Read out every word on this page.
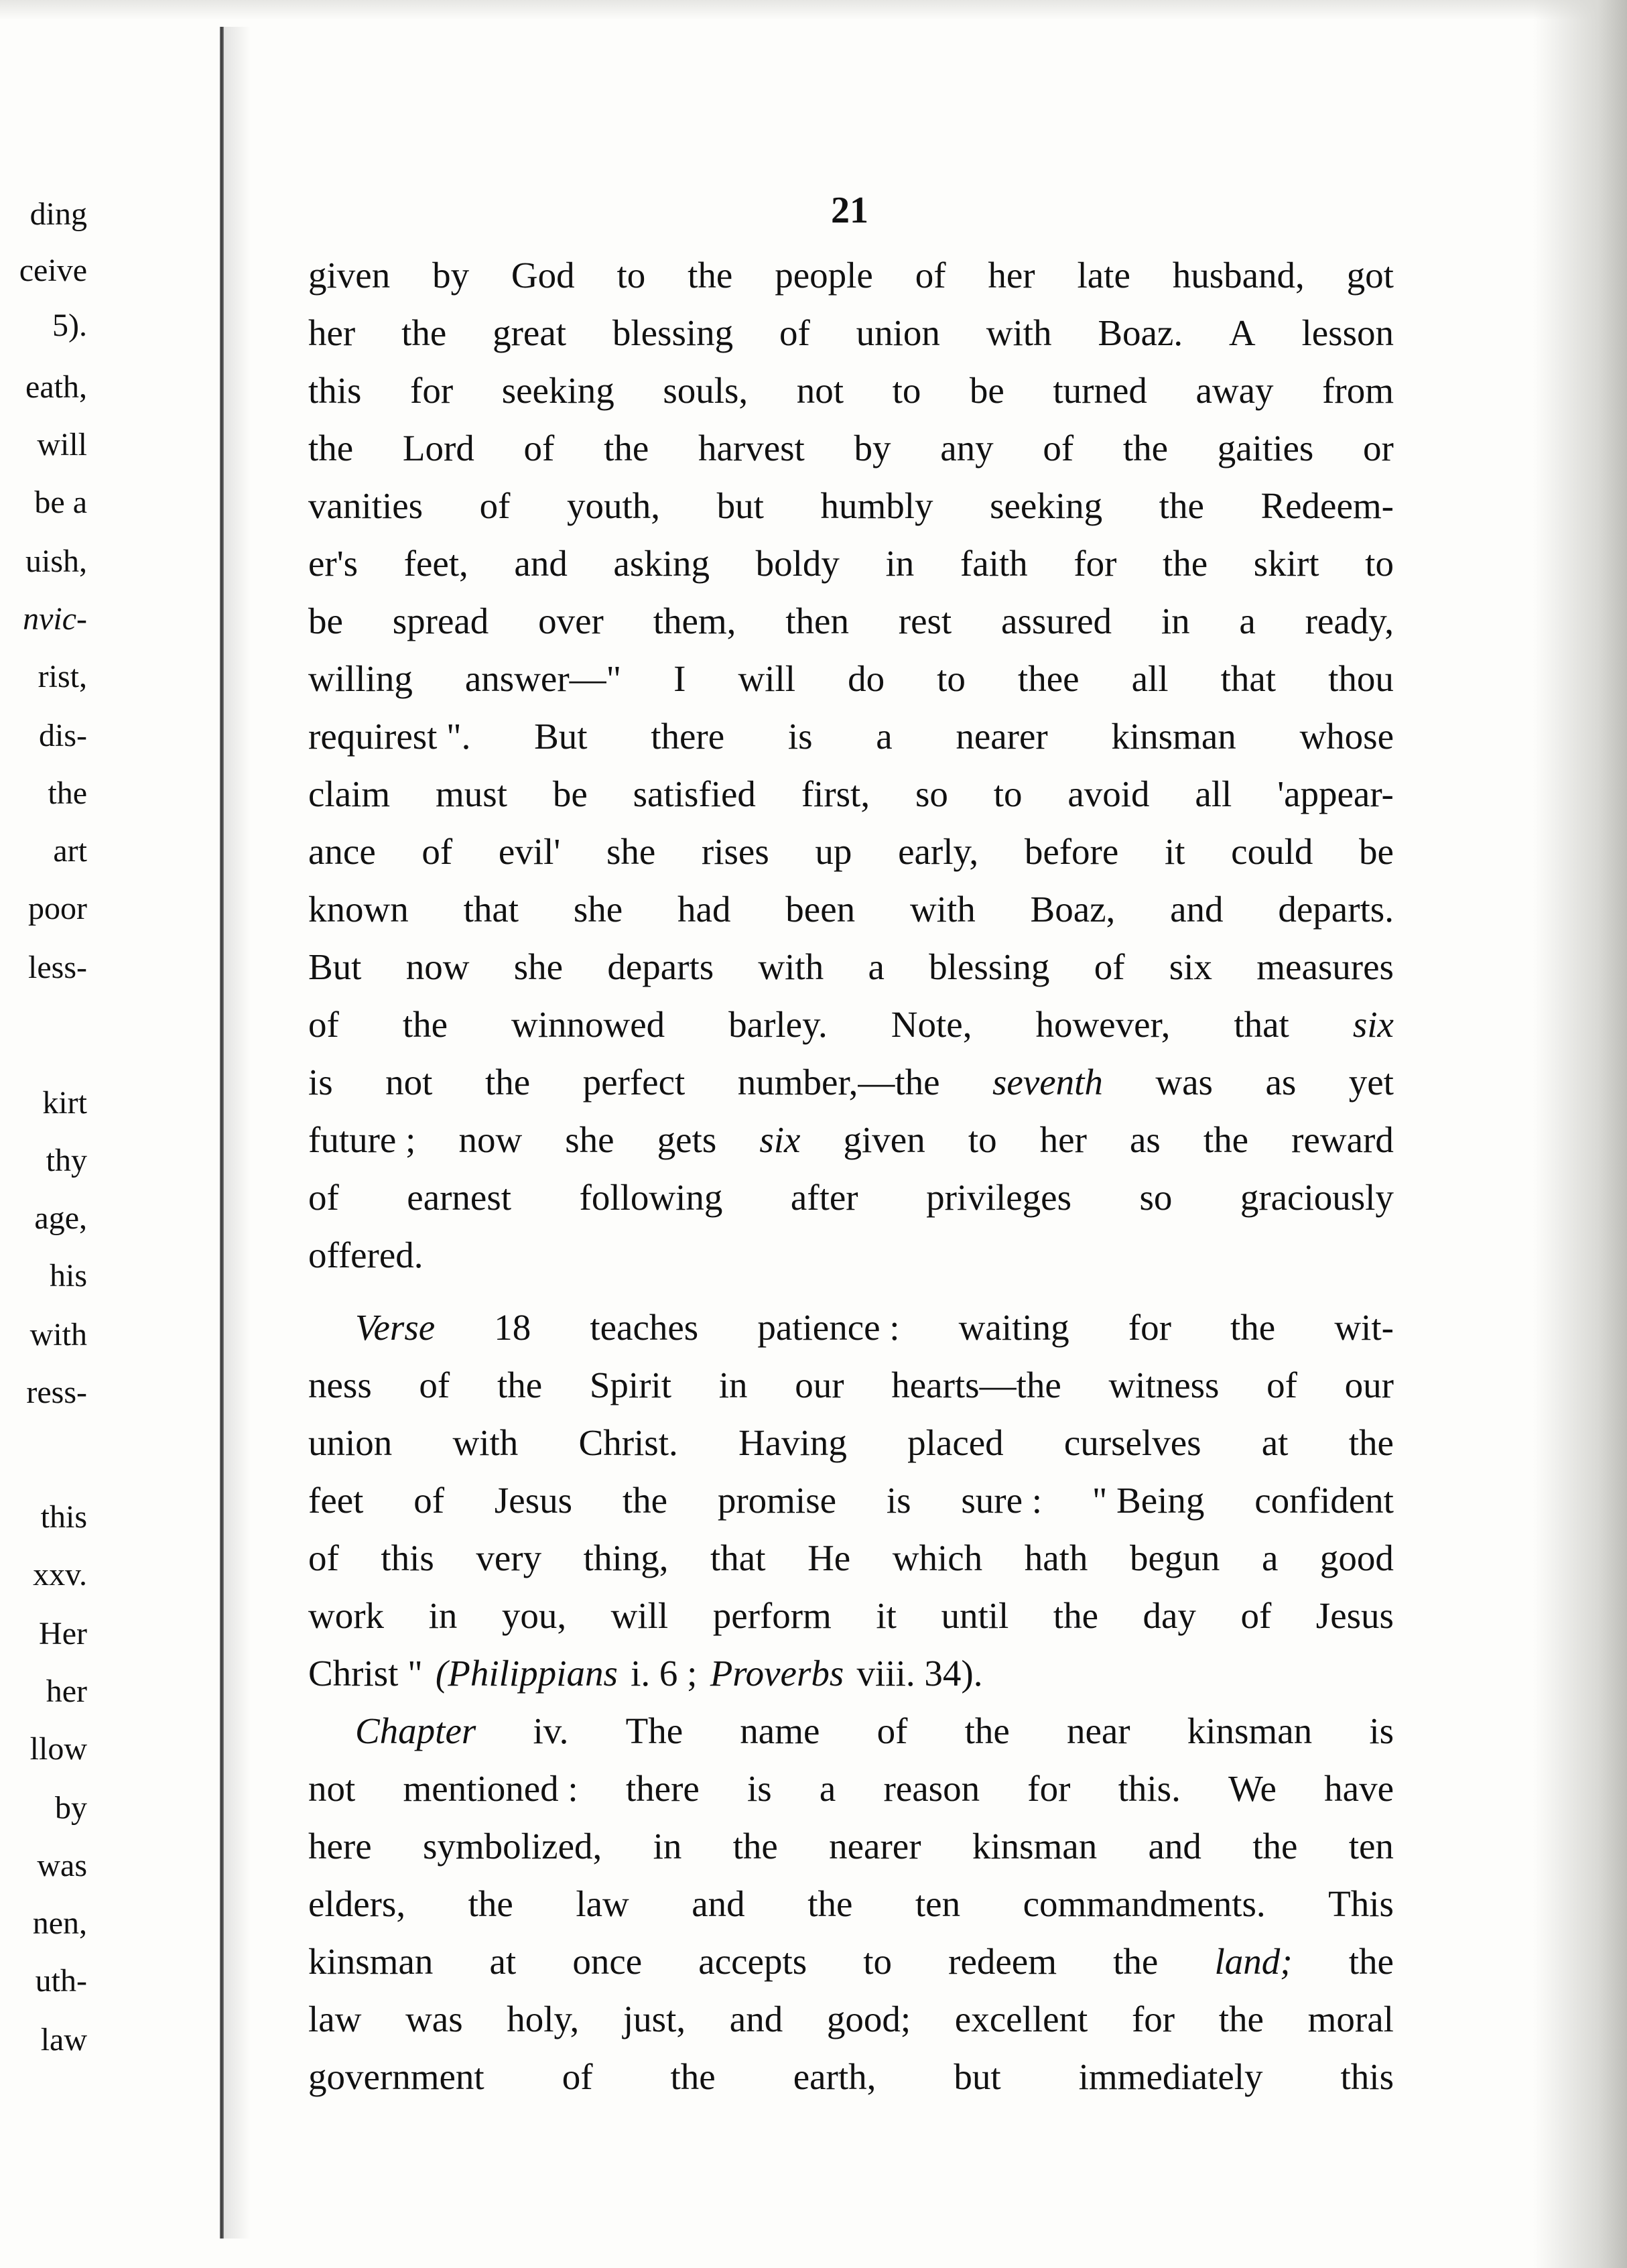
ding
ceive
5).
eath,
will
be a
uish,
nvic-
rist,
dis-
the
art
poor
less-
kirt
thy
age,
his
with
ress-
this
xxv.
Her
her
llow
by
was
nen,
uth-
law
21
given by God to the people of her late husband, got
her the great blessing of union with Boaz. A lesson
this for seeking souls, not to be turned away from
the Lord of the harvest by any of the gaities or
vanities of youth, but humbly seeking the Redeem-
er's feet, and asking boldy in faith for the skirt to
be spread over them, then rest assured in a ready,
willing answer—" I will do to thee all that thou
requirest ". But there is a nearer kinsman whose
claim must be satisfied first, so to avoid all 'appear-
ance of evil' she rises up early, before it could be
known that she had been with Boaz, and departs.
But now she departs with a blessing of six measures
of the winnowed barley. Note, however, that six
is not the perfect number,—the seventh was as yet
future ; now she gets six given to her as the reward
of earnest following after privileges so graciously
offered.
Verse 18 teaches patience : waiting for the wit-
ness of the Spirit in our hearts—the witness of our
union with Christ. Having placed curselves at the
feet of Jesus the promise is sure : " Being confident
of this very thing, that He which hath begun a good
work in you, will perform it until the day of Jesus
Christ " (Philippians i. 6 ; Proverbs viii. 34).
Chapter iv. The name of the near kinsman is
not mentioned : there is a reason for this. We have
here symbolized, in the nearer kinsman and the ten
elders, the law and the ten commandments. This
kinsman at once accepts to redeem the land; the
law was holy, just, and good; excellent for the moral
government of the earth, but immediately this
